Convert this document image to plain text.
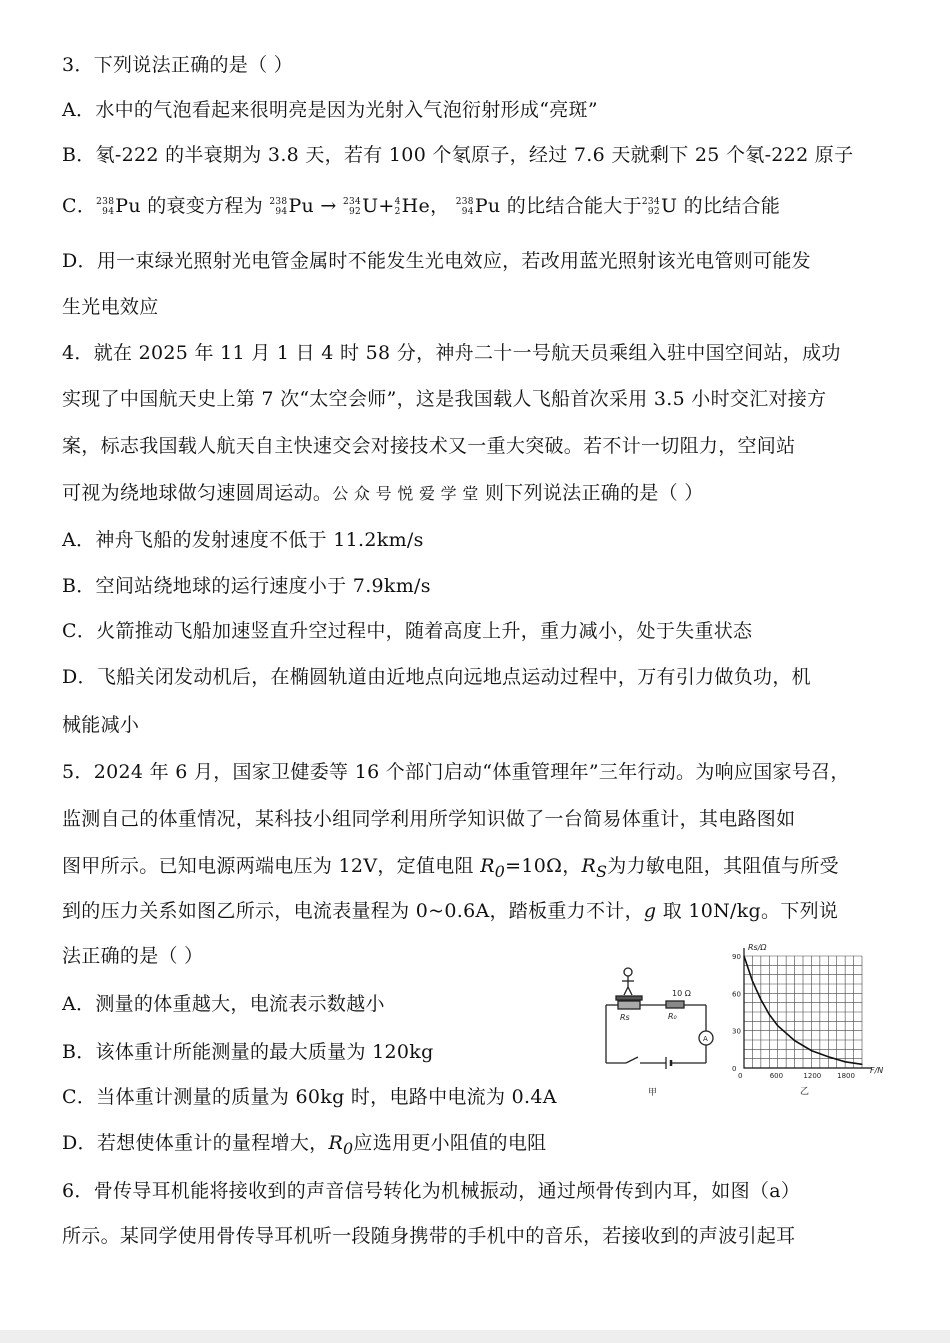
3．下列说法正确的是（ ）
A．水中的气泡看起来很明亮是因为光射入气泡衍射形成“亮斑”
B．氡-222 的半衰期为 3.8 天，若有 100 个氡原子，经过 7.6 天就剩下 25 个氡-222 原子
C． 238
94 Pu 的衰变方程为 238
94 Pu → 234
92 U+ 4
2 He， 238
94 Pu 的比结合能大于 234
92 U 的比结合能
D．用一束绿光照射光电管金属时不能发生光电效应，若改用蓝光照射该光电管则可能发
生光电效应
4．就在 2025 年 11 月 1 日 4 时 58 分，神舟二十一号航天员乘组入驻中国空间站，成功
实现了中国航天史上第 7 次“太空会师”，这是我国载人飞船首次采用 3.5 小时交汇对接方
案，标志我国载人航天自主快速交会对接技术又一重大突破。若不计一切阻力，空间站
可视为绕地球做匀速圆周运动。公 众 号 悦 爱 学 堂 则下列说法正确的是（ ）
A．神舟飞船的发射速度不低于 11.2km/s
B．空间站绕地球的运行速度小于 7.9km/s
C．火箭推动飞船加速竖直升空过程中，随着高度上升，重力减小，处于失重状态
D．飞船关闭发动机后，在椭圆轨道由近地点向远地点运动过程中，万有引力做负功，机
械能减小
5．2024 年 6 月，国家卫健委等 16 个部门启动“体重管理年”三年行动。为响应国家号召，
监测自己的体重情况，某科技小组同学利用所学知识做了一台简易体重计，其电路图如
图甲所示。已知电源两端电压为 12V，定值电阻 $R_0=10\Omega$，$R_S$为力敏电阻，其阻值与所受
到的压力关系如图乙所示，电流表量程为 0~0.6A，踏板重力不计，g 取 10N/kg。下列说
法正确的是（ ）
A．测量的体重越大，电流表示数越小
B．该体重计所能测量的最大质量为 120kg
C．当体重计测量的质量为 60kg 时，电路中电流为 0.4A
D．若想使体重计的量程增大，$R_0$应选用更小阻值的电阻
6．骨传导耳机能将接收到的声音信号转化为机械振动，通过颅骨传到内耳，如图（a）
所示。某同学使用骨传导耳机听一段随身携带的手机中的音乐，若接收到的声波引起耳
10 Ω
Rs	R₀
A
甲
90
60
30
0
600	1200 1800
0
Rs/Ω
F/N
乙
